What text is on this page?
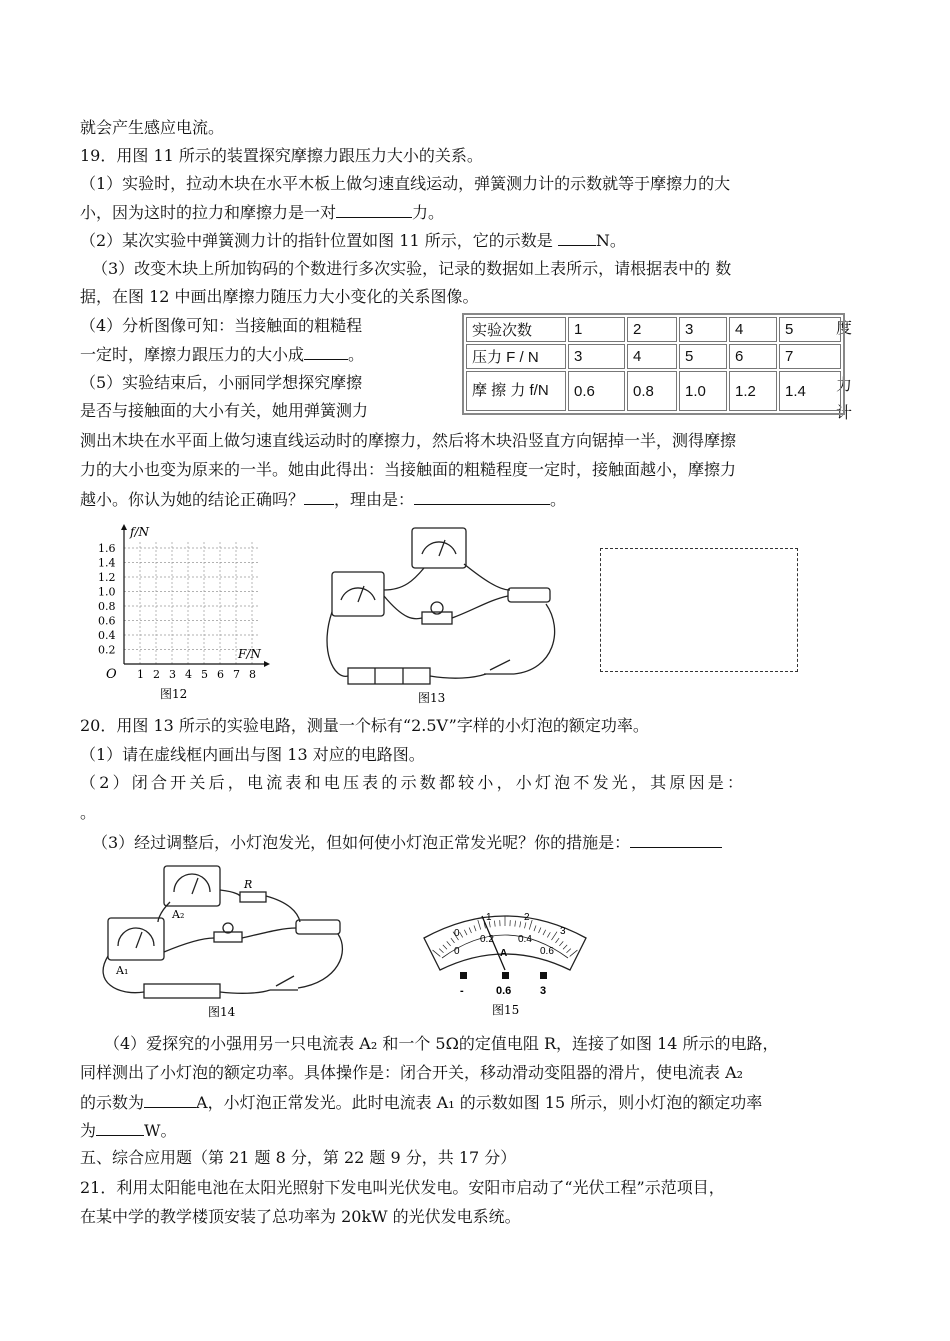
就会产生感应电流。
19．用图 11 所示的装置探究摩擦力跟压力大小的关系。
（1）实验时，拉动木块在水平木板上做匀速直线运动，弹簧测力计的示数就等于摩擦力的大
小，因为这时的拉力和摩擦力是一对	力。
（2）某次实验中弹簧测力计的指针位置如图 11 所示，它的示数是 N。
（3）改变木块上所加钩码的个数进行多次实验，记录的数据如上表所示，请根据表中的 数
据，在图 12 中画出摩擦力随压力大小变化的关系图像。
（4）分析图像可知：当接触面的粗糙程
一定时，摩擦力跟压力的大小成	。
（5）实验结束后，小丽同学想探究摩擦
是否与接触面的大小有关，她用弹簧测力
测出木块在水平面上做匀速直线运动时的摩擦力，然后将木块沿竖直方向锯掉一半，测得摩擦
力的大小也变为原来的一半。她由此得出：当接触面的粗糙程度一定时，接触面越小，摩擦力
越小。你认为她的结论正确吗？ ，理由是：	。
度
力
计
实验次数	1	2	3	4	5
压力 F / N	3	4	5	6	7
摩 擦 力 f/N	0.6	0.8	1.0	1.2	1.4
1.6
1.4
1.2
1.0
0.8
0.6
0.4
0.2
1 2 3 4 5 6 7 8
f/N
F/N
O
图12	图13
20．用图 13 所示的实验电路，测量一个标有“2.5V”字样的小灯泡的额定功率。
（1）请在虚线框内画出与图 13 对应的电路图。
（2）闭合开关后，电流表和电压表的示数都较小，小灯泡不发光，其原因是：
。
（3）经过调整后，小灯泡发光，但如何使小灯泡正常发光呢？你的措施是：
R
A₂
A₁
图14
0
1	2
3
0
0.2 0.4
0.6
A
-	0.6	3
图15
（4）爱探究的小强用另一只电流表 A₂ 和一个 5Ω的定值电阻 R，连接了如图 14 所示的电路，
同样测出了小灯泡的额定功率。具体操作是：闭合开关，移动滑动变阻器的滑片，使电流表 A₂
的示数为	A，小灯泡正常发光。此时电流表 A₁ 的示数如图 15 所示，则小灯泡的额定功率
为	W。
五、综合应用题（第 21 题 8 分，第 22 题 9 分，共 17 分）
21．利用太阳能电池在太阳光照射下发电叫光伏发电。安阳市启动了“光伏工程”示范项目，
在某中学的教学楼顶安装了总功率为 20kW 的光伏发电系统。
